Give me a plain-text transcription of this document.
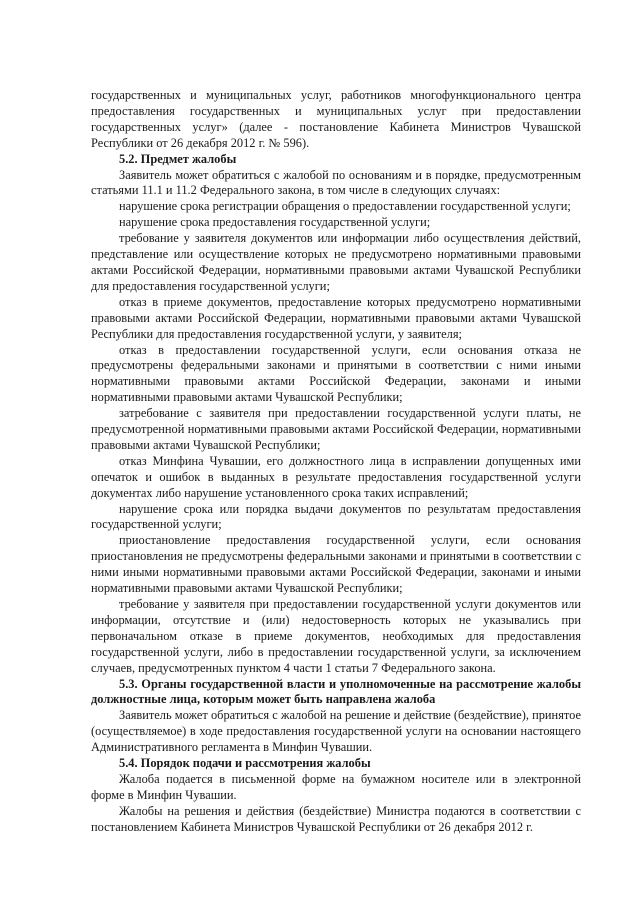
государственных и муниципальных услуг, работников многофункционального центра предоставления государственных и муниципальных услуг при предоставлении государственных услуг» (далее - постановление Кабинета Министров Чувашской Республики от 26 декабря 2012 г. № 596).

5.2. Предмет жалобы

Заявитель может обратиться с жалобой по основаниям и в порядке, предусмотренным статьями 11.1 и 11.2 Федерального закона, в том числе в следующих случаях:

нарушение срока регистрации обращения о предоставлении государственной услуги;

нарушение срока предоставления государственной услуги;

требование у заявителя документов или информации либо осуществления действий, представление или осуществление которых не предусмотрено нормативными правовыми актами Российской Федерации, нормативными правовыми актами Чувашской Республики для предоставления государственной услуги;

отказ в приеме документов, предоставление которых предусмотрено нормативными правовыми актами Российской Федерации, нормативными правовыми актами Чувашской Республики для предоставления государственной услуги, у заявителя;

отказ в предоставлении государственной услуги, если основания отказа не предусмотрены федеральными законами и принятыми в соответствии с ними иными нормативными правовыми актами Российской Федерации, законами и иными нормативными правовыми актами Чувашской Республики;

затребование с заявителя при предоставлении государственной услуги платы, не предусмотренной нормативными правовыми актами Российской Федерации, нормативными правовыми актами Чувашской Республики;

отказ Минфина Чувашии, его должностного лица в исправлении допущенных ими опечаток и ошибок в выданных в результате предоставления государственной услуги документах либо нарушение установленного срока таких исправлений;

нарушение срока или порядка выдачи документов по результатам предоставления государственной услуги;

приостановление предоставления государственной услуги, если основания приостановления не предусмотрены федеральными законами и принятыми в соответствии с ними иными нормативными правовыми актами Российской Федерации, законами и иными нормативными правовыми актами Чувашской Республики;

требование у заявителя при предоставлении государственной услуги документов или информации, отсутствие и (или) недостоверность которых не указывались при первоначальном отказе в приеме документов, необходимых для предоставления государственной услуги, либо в предоставлении государственной услуги, за исключением случаев, предусмотренных пунктом 4 части 1 статьи 7 Федерального закона.

5.3. Органы государственной власти и уполномоченные на рассмотрение жалобы должностные лица, которым может быть направлена жалоба

Заявитель может обратиться с жалобой на решение и действие (бездействие), принятое (осуществляемое) в ходе предоставления государственной услуги на основании настоящего Административного регламента в Минфин Чувашии.

5.4. Порядок подачи и рассмотрения жалобы

Жалоба подается в письменной форме на бумажном носителе или в электронной форме в Минфин Чувашии.

Жалобы на решения и действия (бездействие) Министра подаются в соответствии с постановлением Кабинета Министров Чувашской Республики от 26 декабря 2012 г.
